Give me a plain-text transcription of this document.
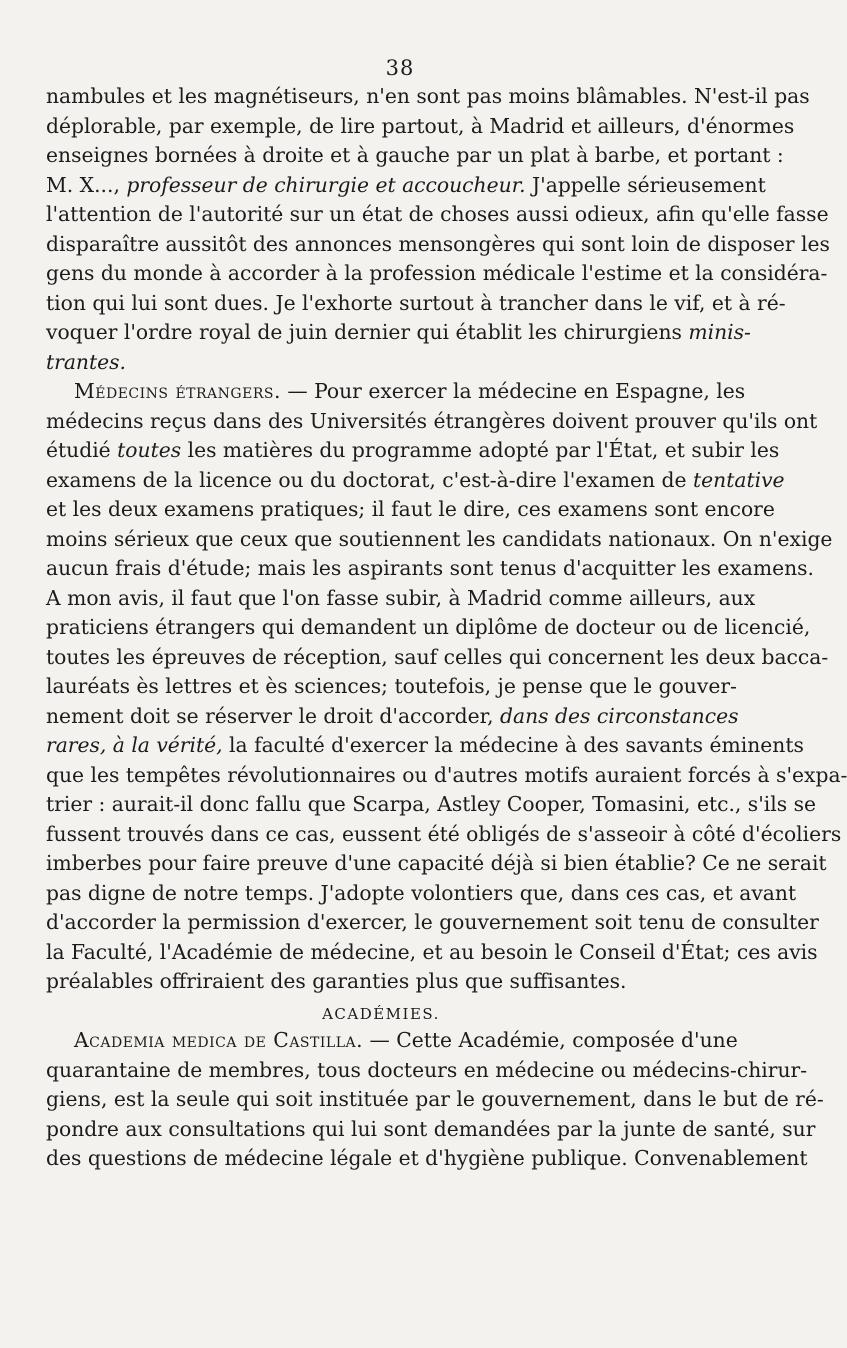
38
nambules et les magnétiseurs, n'en sont pas moins blâmables. N'est-il pas
déplorable, par exemple, de lire partout, à Madrid et ailleurs, d'énormes
enseignes bornées à droite et à gauche par un plat à barbe, et portant :
M. X..., professeur de chirurgie et accoucheur. J'appelle sérieusement
l'attention de l'autorité sur un état de choses aussi odieux, afin qu'elle fasse
disparaître aussitôt des annonces mensongères qui sont loin de disposer les
gens du monde à accorder à la profession médicale l'estime et la considéra-
tion qui lui sont dues. Je l'exhorte surtout à trancher dans le vif, et à ré-
voquer l'ordre royal de juin dernier qui établit les chirurgiens minis-
trantes.
Médecins étrangers. — Pour exercer la médecine en Espagne, les
médecins reçus dans des Universités étrangères doivent prouver qu'ils ont
étudié toutes les matières du programme adopté par l'État, et subir les
examens de la licence ou du doctorat, c'est-à-dire l'examen de tentative
et les deux examens pratiques; il faut le dire, ces examens sont encore
moins sérieux que ceux que soutiennent les candidats nationaux. On n'exige
aucun frais d'étude; mais les aspirants sont tenus d'acquitter les examens.
A mon avis, il faut que l'on fasse subir, à Madrid comme ailleurs, aux
praticiens étrangers qui demandent un diplôme de docteur ou de licencié,
toutes les épreuves de réception, sauf celles qui concernent les deux bacca-
lauréats ès lettres et ès sciences; toutefois, je pense que le gouver-
nement doit se réserver le droit d'accorder, dans des circonstances
rares, à la vérité, la faculté d'exercer la médecine à des savants éminents
que les tempêtes révolutionnaires ou d'autres motifs auraient forcés à s'expa-
trier : aurait-il donc fallu que Scarpa, Astley Cooper, Tomasini, etc., s'ils se
fussent trouvés dans ce cas, eussent été obligés de s'asseoir à côté d'écoliers
imberbes pour faire preuve d'une capacité déjà si bien établie? Ce ne serait
pas digne de notre temps. J'adopte volontiers que, dans ces cas, et avant
d'accorder la permission d'exercer, le gouvernement soit tenu de consulter
la Faculté, l'Académie de médecine, et au besoin le Conseil d'État; ces avis
préalables offriraient des garanties plus que suffisantes.
ACADÉMIES.
Academia medica de Castilla. — Cette Académie, composée d'une
quarantaine de membres, tous docteurs en médecine ou médecins-chirur-
giens, est la seule qui soit instituée par le gouvernement, dans le but de ré-
pondre aux consultations qui lui sont demandées par la junte de santé, sur
des questions de médecine légale et d'hygiène publique. Convenablement
